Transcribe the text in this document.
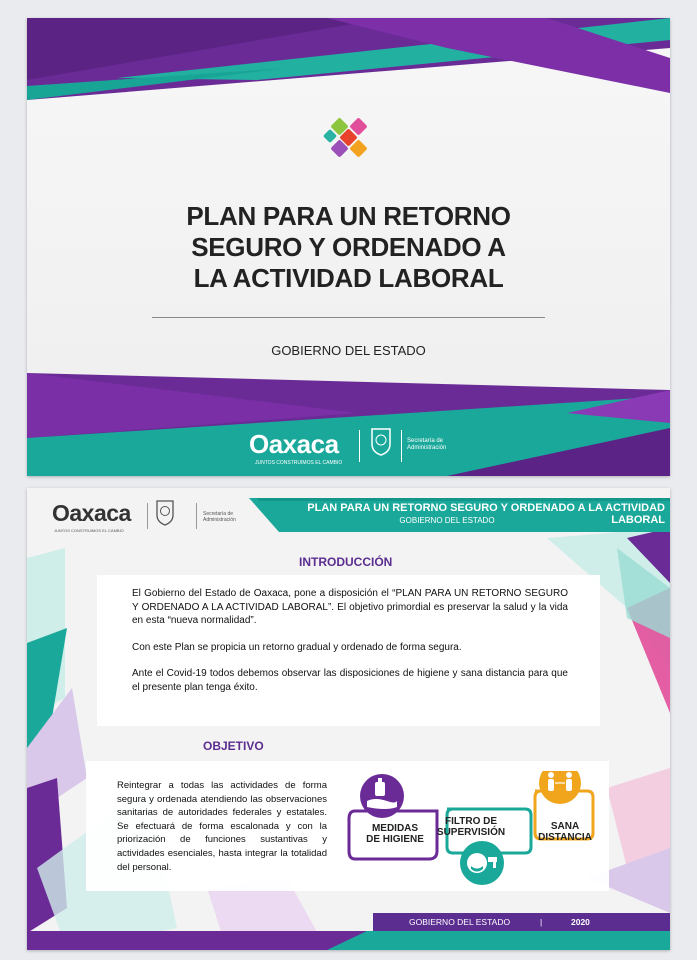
PLAN PARA UN RETORNO
SEGURO Y ORDENADO A
LA ACTIVIDAD LABORAL
GOBIERNO DEL ESTADO
Oaxaca
JUNTOS CONSTRUIMOS EL CAMBIO
Secretaría de
Administración
Oaxaca
JUNTOS CONSTRUIMOS EL CAMBIO
Secretaría de
Administración
PLAN PARA UN RETORNO SEGURO Y ORDENADO A LA ACTIVIDAD LABORAL
GOBIERNO DEL ESTADO
INTRODUCCIÓN

El Gobierno del Estado de Oaxaca, pone a disposición el “PLAN PARA UN RETORNO SEGURO Y ORDENADO A LA ACTIVIDAD LABORAL”. El objetivo primordial es preservar la salud y la vida en esta “nueva normalidad”.

Con este Plan se propicia un retorno gradual y ordenado de forma segura.

Ante el Covid-19 todos debemos observar las disposiciones de higiene y sana distancia para que el presente plan tenga éxito.

OBJETIVO
Reintegrar a todas las actividades de forma segura y ordenada atendiendo las observaciones sanitarias de autoridades federales y estatales. Se efectuará de forma escalonada y con la priorización de funciones sustantivas y actividades esenciales, hasta integrar la totalidad del personal.
MEDIDAS
DE HIGIENE
FILTRO DE
SUPERVISIÓN
SANA
DISTANCIA
GOBIERNO DEL ESTADO	|	2020
